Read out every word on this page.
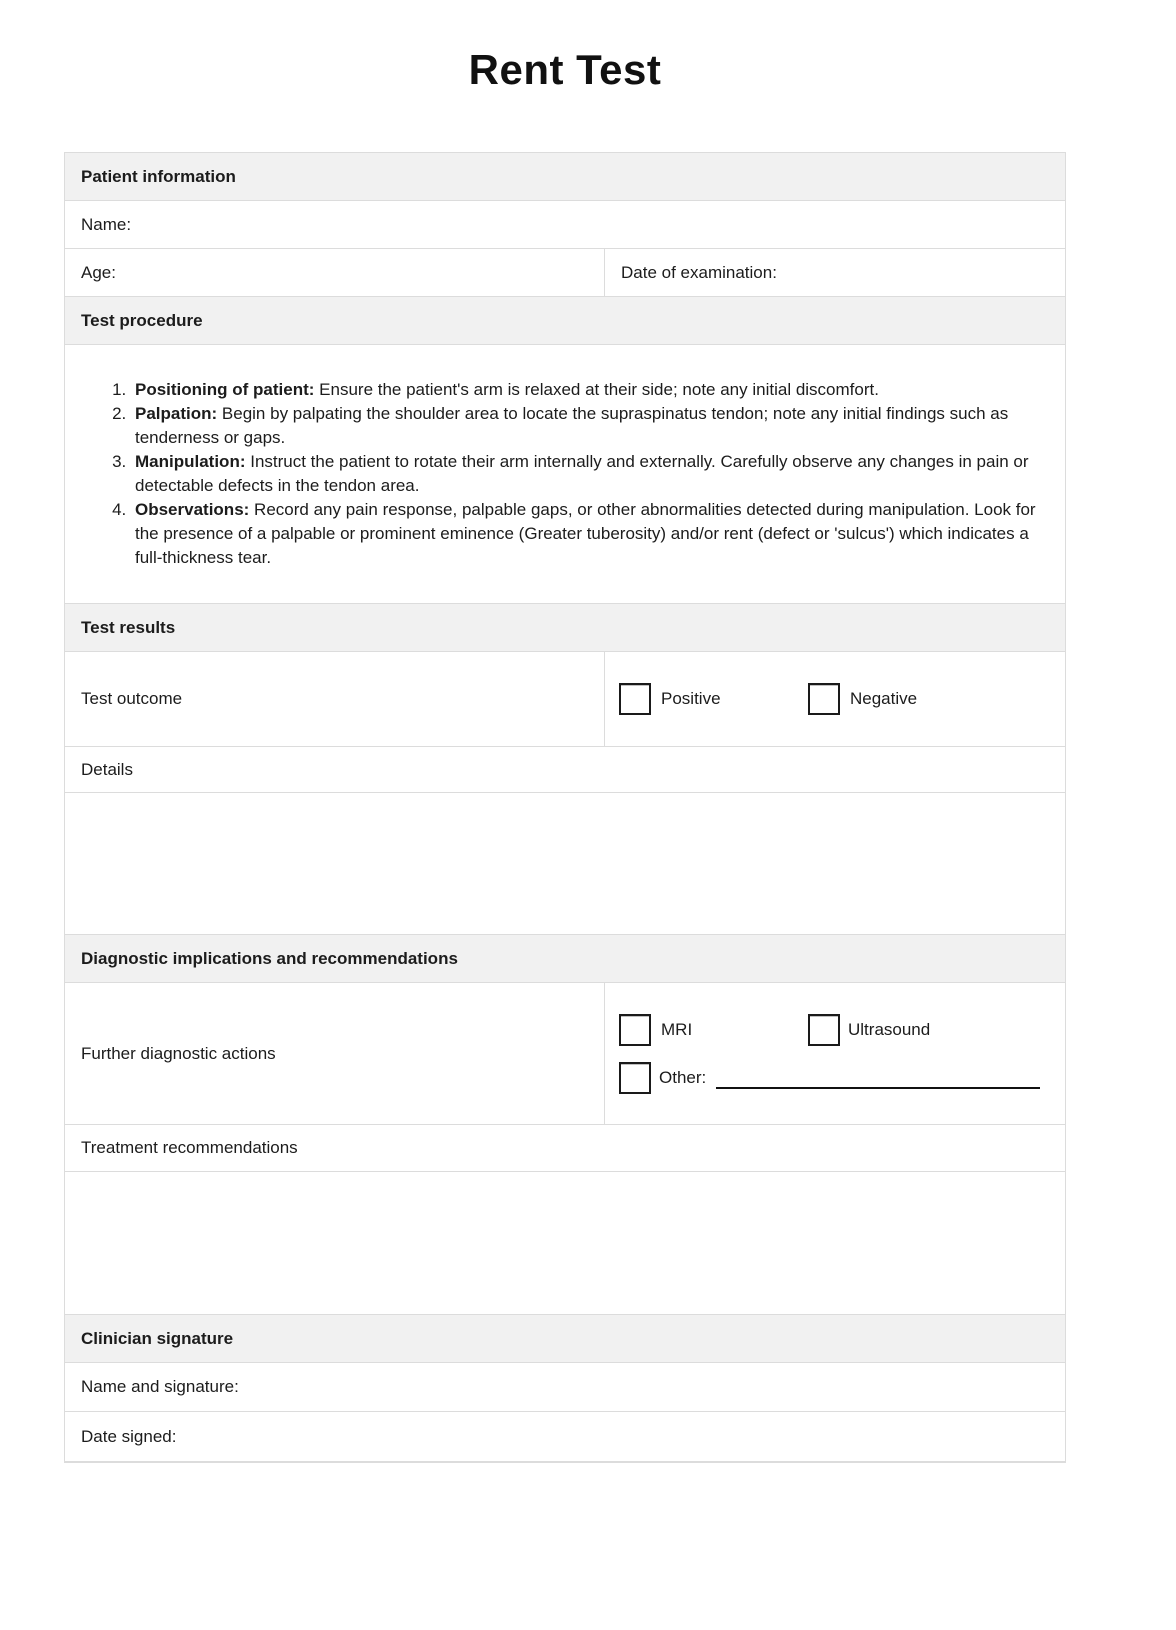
Rent Test
Patient information
Name:
Age:	Date of examination:
Test procedure
1. Positioning of patient: Ensure the patient's arm is relaxed at their side; note any initial discomfort.
2. Palpation: Begin by palpating the shoulder area to locate the supraspinatus tendon; note any initial findings such as tenderness or gaps.
3. Manipulation: Instruct the patient to rotate their arm internally and externally. Carefully observe any changes in pain or detectable defects in the tendon area.
4. Observations: Record any pain response, palpable gaps, or other abnormalities detected during manipulation. Look for the presence of a palpable or prominent eminence (Greater tuberosity) and/or rent (defect or 'sulcus') which indicates a full-thickness tear.
Test results
Test outcome	Positive	Negative
Details
Diagnostic implications and recommendations
Further diagnostic actions
MRI	Ultrasound
Other:
Treatment recommendations
Clinician signature
Name and signature:
Date signed:
